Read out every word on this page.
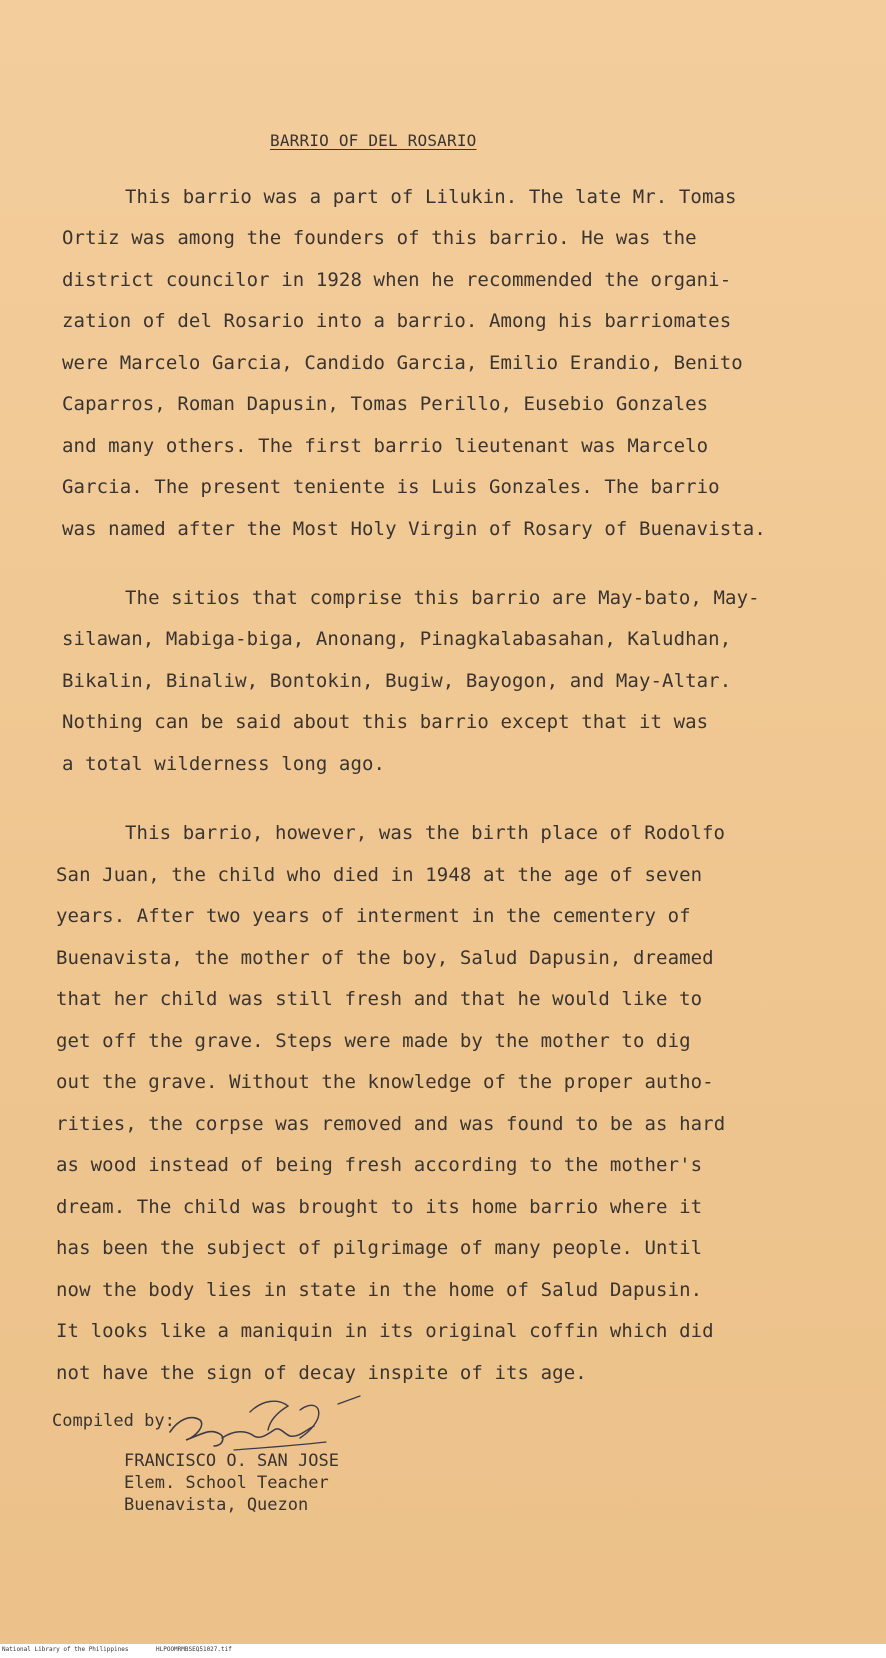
BARRIO OF DEL ROSARIO
This barrio was a part of Lilukin. The late Mr. Tomas
Ortiz was among the founders of this barrio. He was the
district councilor in 1928 when he recommended the organi-
zation of del Rosario into a barrio. Among his barriomates
were Marcelo Garcia, Candido Garcia, Emilio Erandio, Benito
Caparros, Roman Dapusin, Tomas Perillo, Eusebio Gonzales
and many others. The first barrio lieutenant was Marcelo
Garcia. The present teniente is Luis Gonzales. The barrio
was named after the Most Holy Virgin of Rosary of Buenavista.
The sitios that comprise this barrio are May-bato, May-
silawan, Mabiga-biga, Anonang, Pinagkalabasahan, Kaludhan,
Bikalin, Binaliw, Bontokin, Bugiw, Bayogon, and May-Altar.
Nothing can be said about this barrio except that it was
a total wilderness long ago.
This barrio, however, was the birth place of Rodolfo
San Juan, the child who died in 1948 at the age of seven
years. After two years of interment in the cementery of
Buenavista, the mother of the boy, Salud Dapusin, dreamed
that her child was still fresh and that he would like to
get off the grave. Steps were made by the mother to dig
out the grave. Without the knowledge of the proper autho-
rities, the corpse was removed and was found to be as hard
as wood instead of being fresh according to the mother's
dream. The child was brought to its home barrio where it
has been the subject of pilgrimage of many people. Until
now the body lies in state in the home of Salud Dapusin.
It looks like a maniquin in its original coffin which did
not have the sign of decay inspite of its age.
Compiled by:
FRANCISCO O. SAN JOSE
Elem. School Teacher
Buenavista, Quezon
National Library of the Philippines	HLPOOMRMBSEQ51027.tif
